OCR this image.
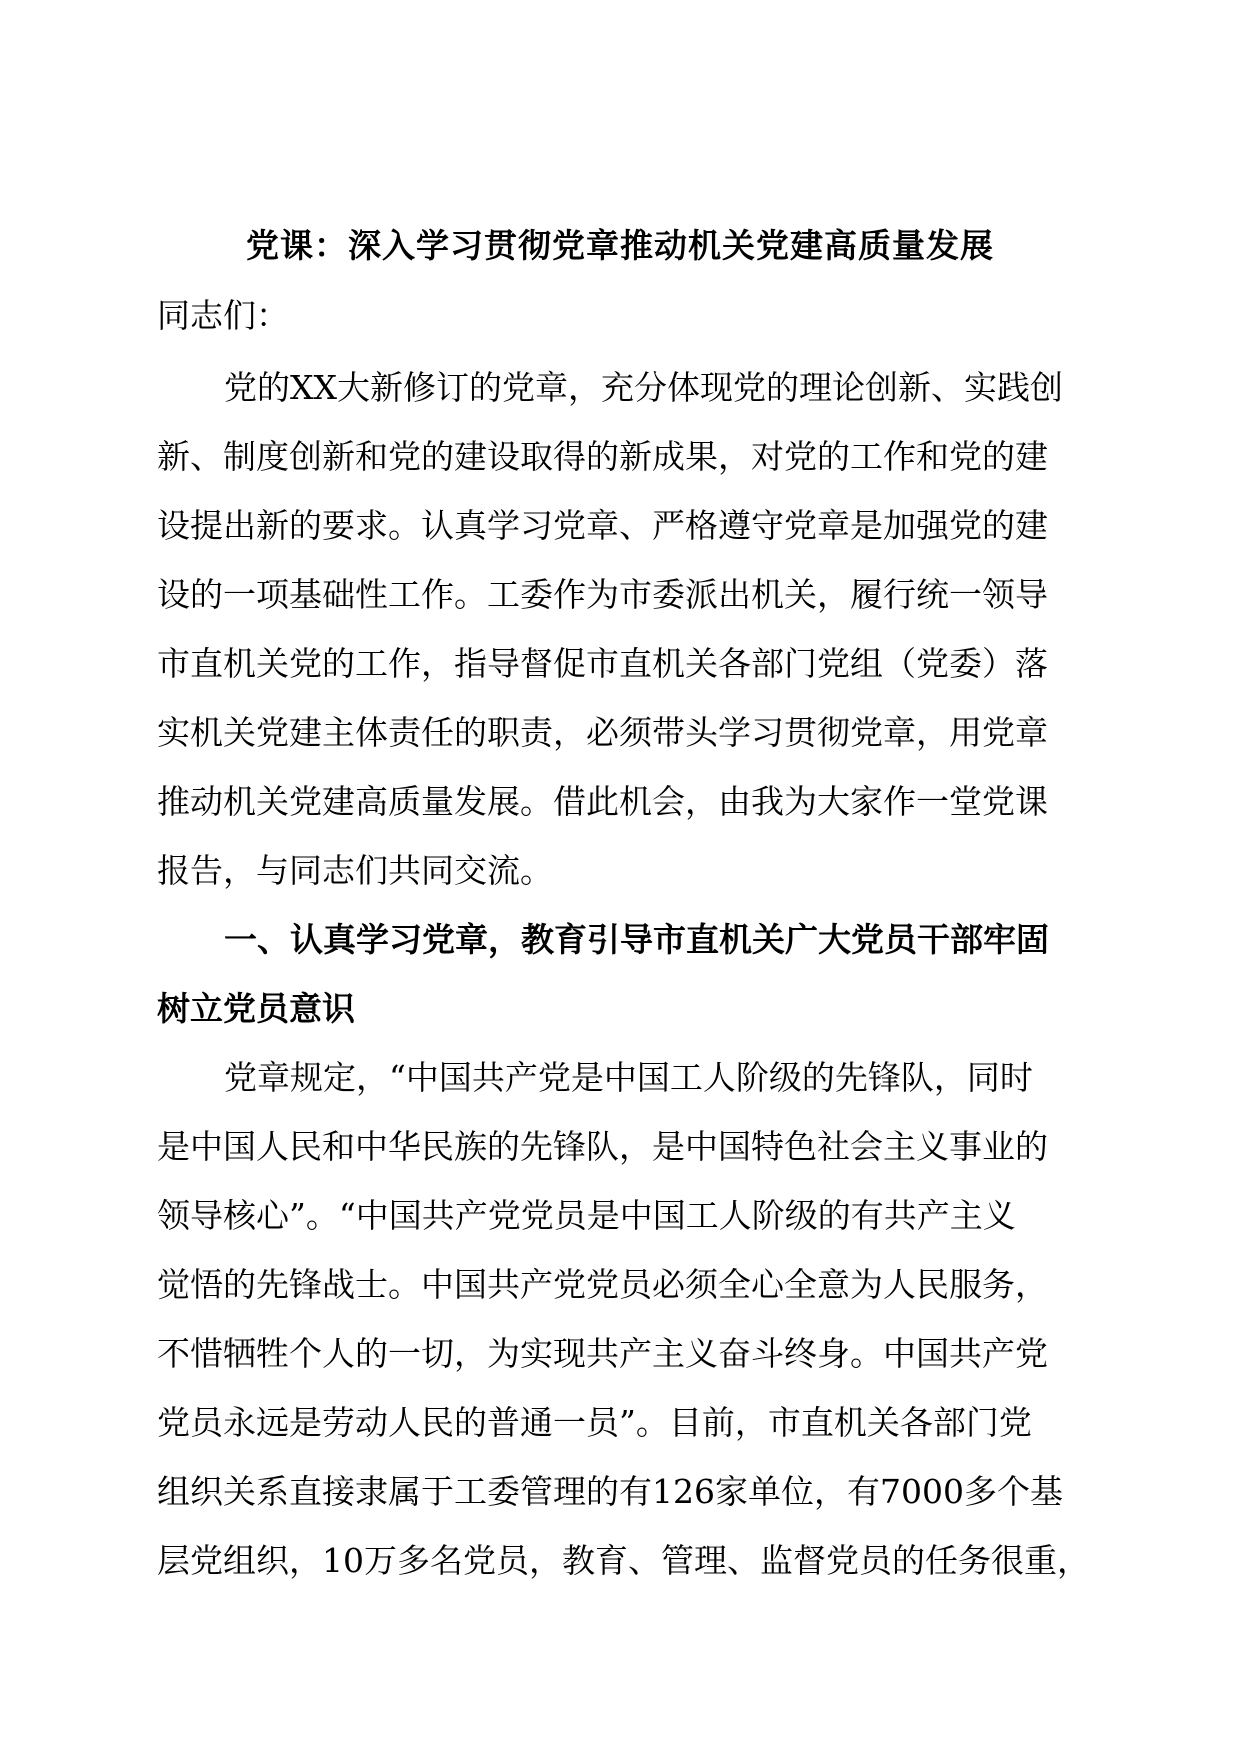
党课：深入学习贯彻党章推动机关党建高质量发展
同志们：
党的XX大新修订的党章，充分体现党的理论创新、实践创
新、制度创新和党的建设取得的新成果，对党的工作和党的建
设提出新的要求。认真学习党章、严格遵守党章是加强党的建
设的一项基础性工作。工委作为市委派出机关，履行统一领导
市直机关党的工作，指导督促市直机关各部门党组（党委）落
实机关党建主体责任的职责，必须带头学习贯彻党章，用党章
推动机关党建高质量发展。借此机会，由我为大家作一堂党课
报告，与同志们共同交流。
一、认真学习党章，教育引导市直机关广大党员干部牢固
树立党员意识
党章规定，“中国共产党是中国工人阶级的先锋队，同时
是中国人民和中华民族的先锋队，是中国特色社会主义事业的
领导核心”。“中国共产党党员是中国工人阶级的有共产主义
觉悟的先锋战士。中国共产党党员必须全心全意为人民服务，
不惜牺牲个人的一切，为实现共产主义奋斗终身。中国共产党
党员永远是劳动人民的普通一员”。目前，市直机关各部门党
组织关系直接隶属于工委管理的有126家单位，有7000多个基
层党组织，10万多名党员，教育、管理、监督党员的任务很重，
